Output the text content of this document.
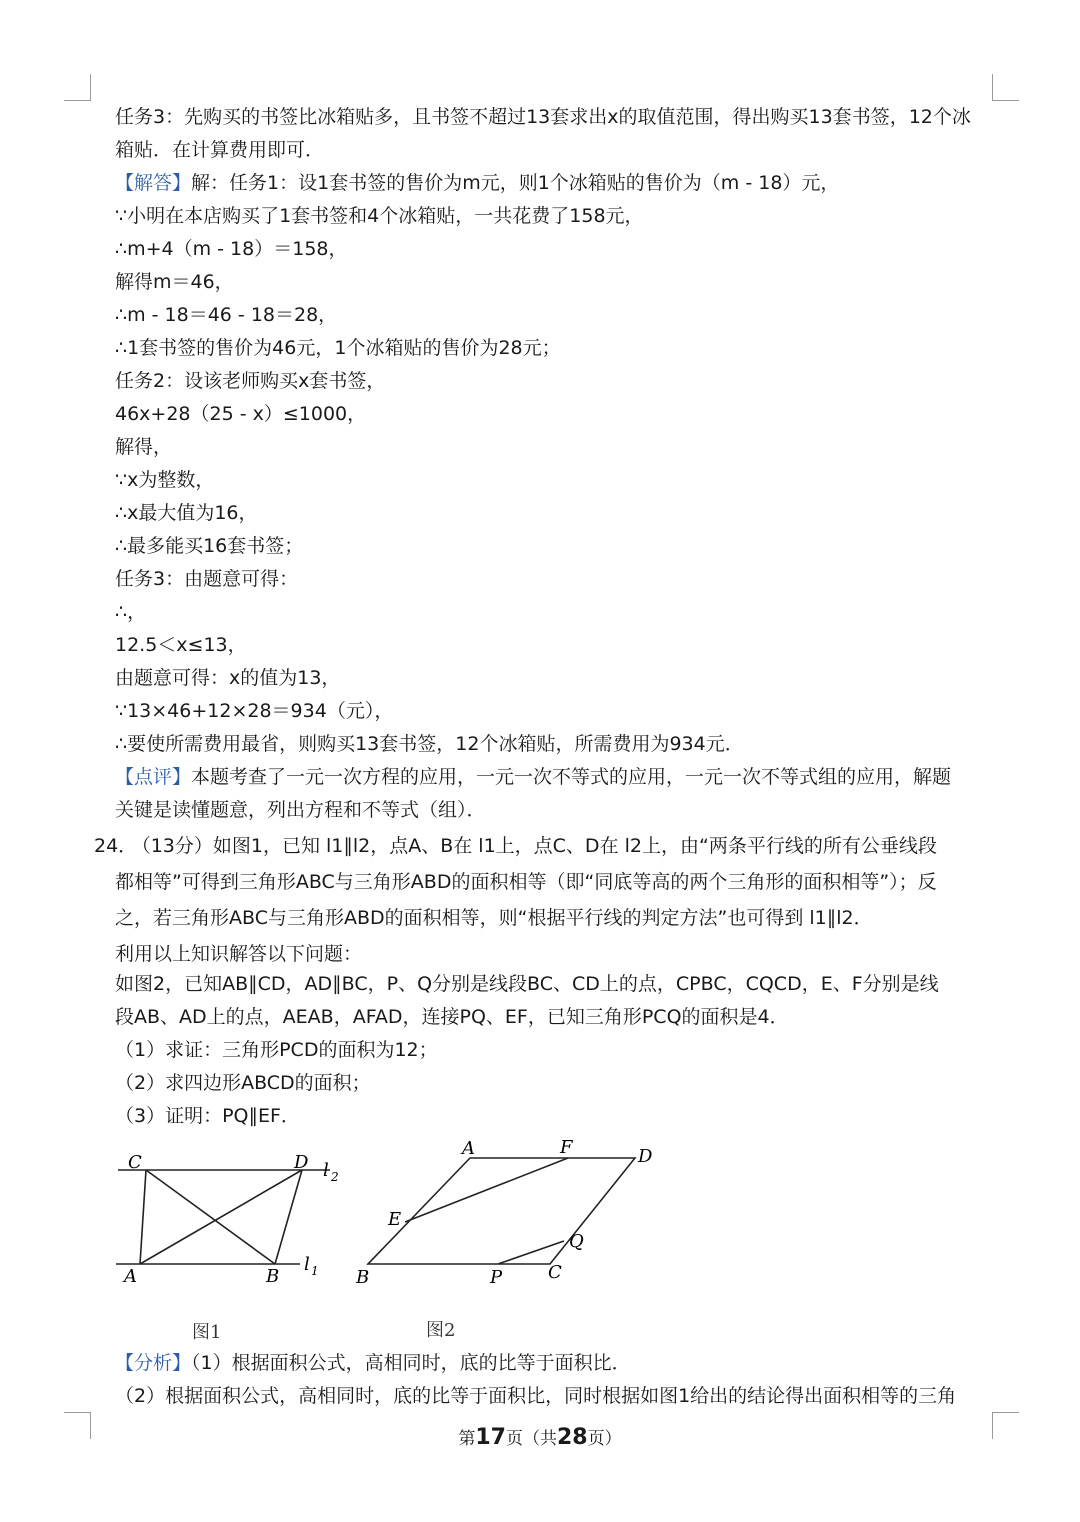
任务3：先购买的书签比冰箱贴多，且书签不超过13套求出x的取值范围，得出购买13套书签，12个冰
箱贴．在计算费用即可．
【解答】解：任务1：设1套书签的售价为m元，则1个冰箱贴的售价为（m - 18）元，
∵小明在本店购买了1套书签和4个冰箱贴，一共花费了158元，
∴m+4（m - 18）＝158，
解得m＝46，
∴m - 18＝46 - 18＝28，
∴1套书签的售价为46元，1个冰箱贴的售价为28元；
任务2：设该老师购买x套书签，
46x+28（25 - x）≤1000，
解得，
∵x为整数，
∴x最大值为16，
∴最多能买16套书签；
任务3：由题意可得：
∴，
12.5＜x≤13，
由题意可得：x的值为13，
∵13×46+12×28＝934（元），
∴要使所需费用最省，则购买13套书签，12个冰箱贴，所需费用为934元．
【点评】本题考查了一元一次方程的应用，一元一次不等式的应用，一元一次不等式组的应用，解题
关键是读懂题意，列出方程和不等式（组）．
24． （13分）如图1，已知 l1∥l2，点A、B在 l1上，点C、D在 l2上，由“两条平行线的所有公垂线段
都相等”可得到三角形ABC与三角形ABD的面积相等（即“同底等高的两个三角形的面积相等”）；反
之，若三角形ABC与三角形ABD的面积相等，则“根据平行线的判定方法”也可得到 l1∥l2．
利用以上知识解答以下问题：
如图2，已知AB∥CD，AD∥BC，P、Q分别是线段BC、CD上的点，CPBC，CQCD，E、F分别是线
段AB、AD上的点，AEAB，AFAD，连接PQ、EF，已知三角形PCQ的面积是4．
（1）求证：三角形PCD的面积为12；
（2）求四边形ABCD的面积；
（3）证明：PQ∥EF．
【分析】（1）根据面积公式，高相同时，底的比等于面积比．
（2）根据面积公式，高相同时，底的比等于面积比，同时根据如图1给出的结论得出面积相等的三角
C	D
A	B
l 2
l 1
图1
A	F	D
E
Q
B	P	C
图2
第17页（共28页）
